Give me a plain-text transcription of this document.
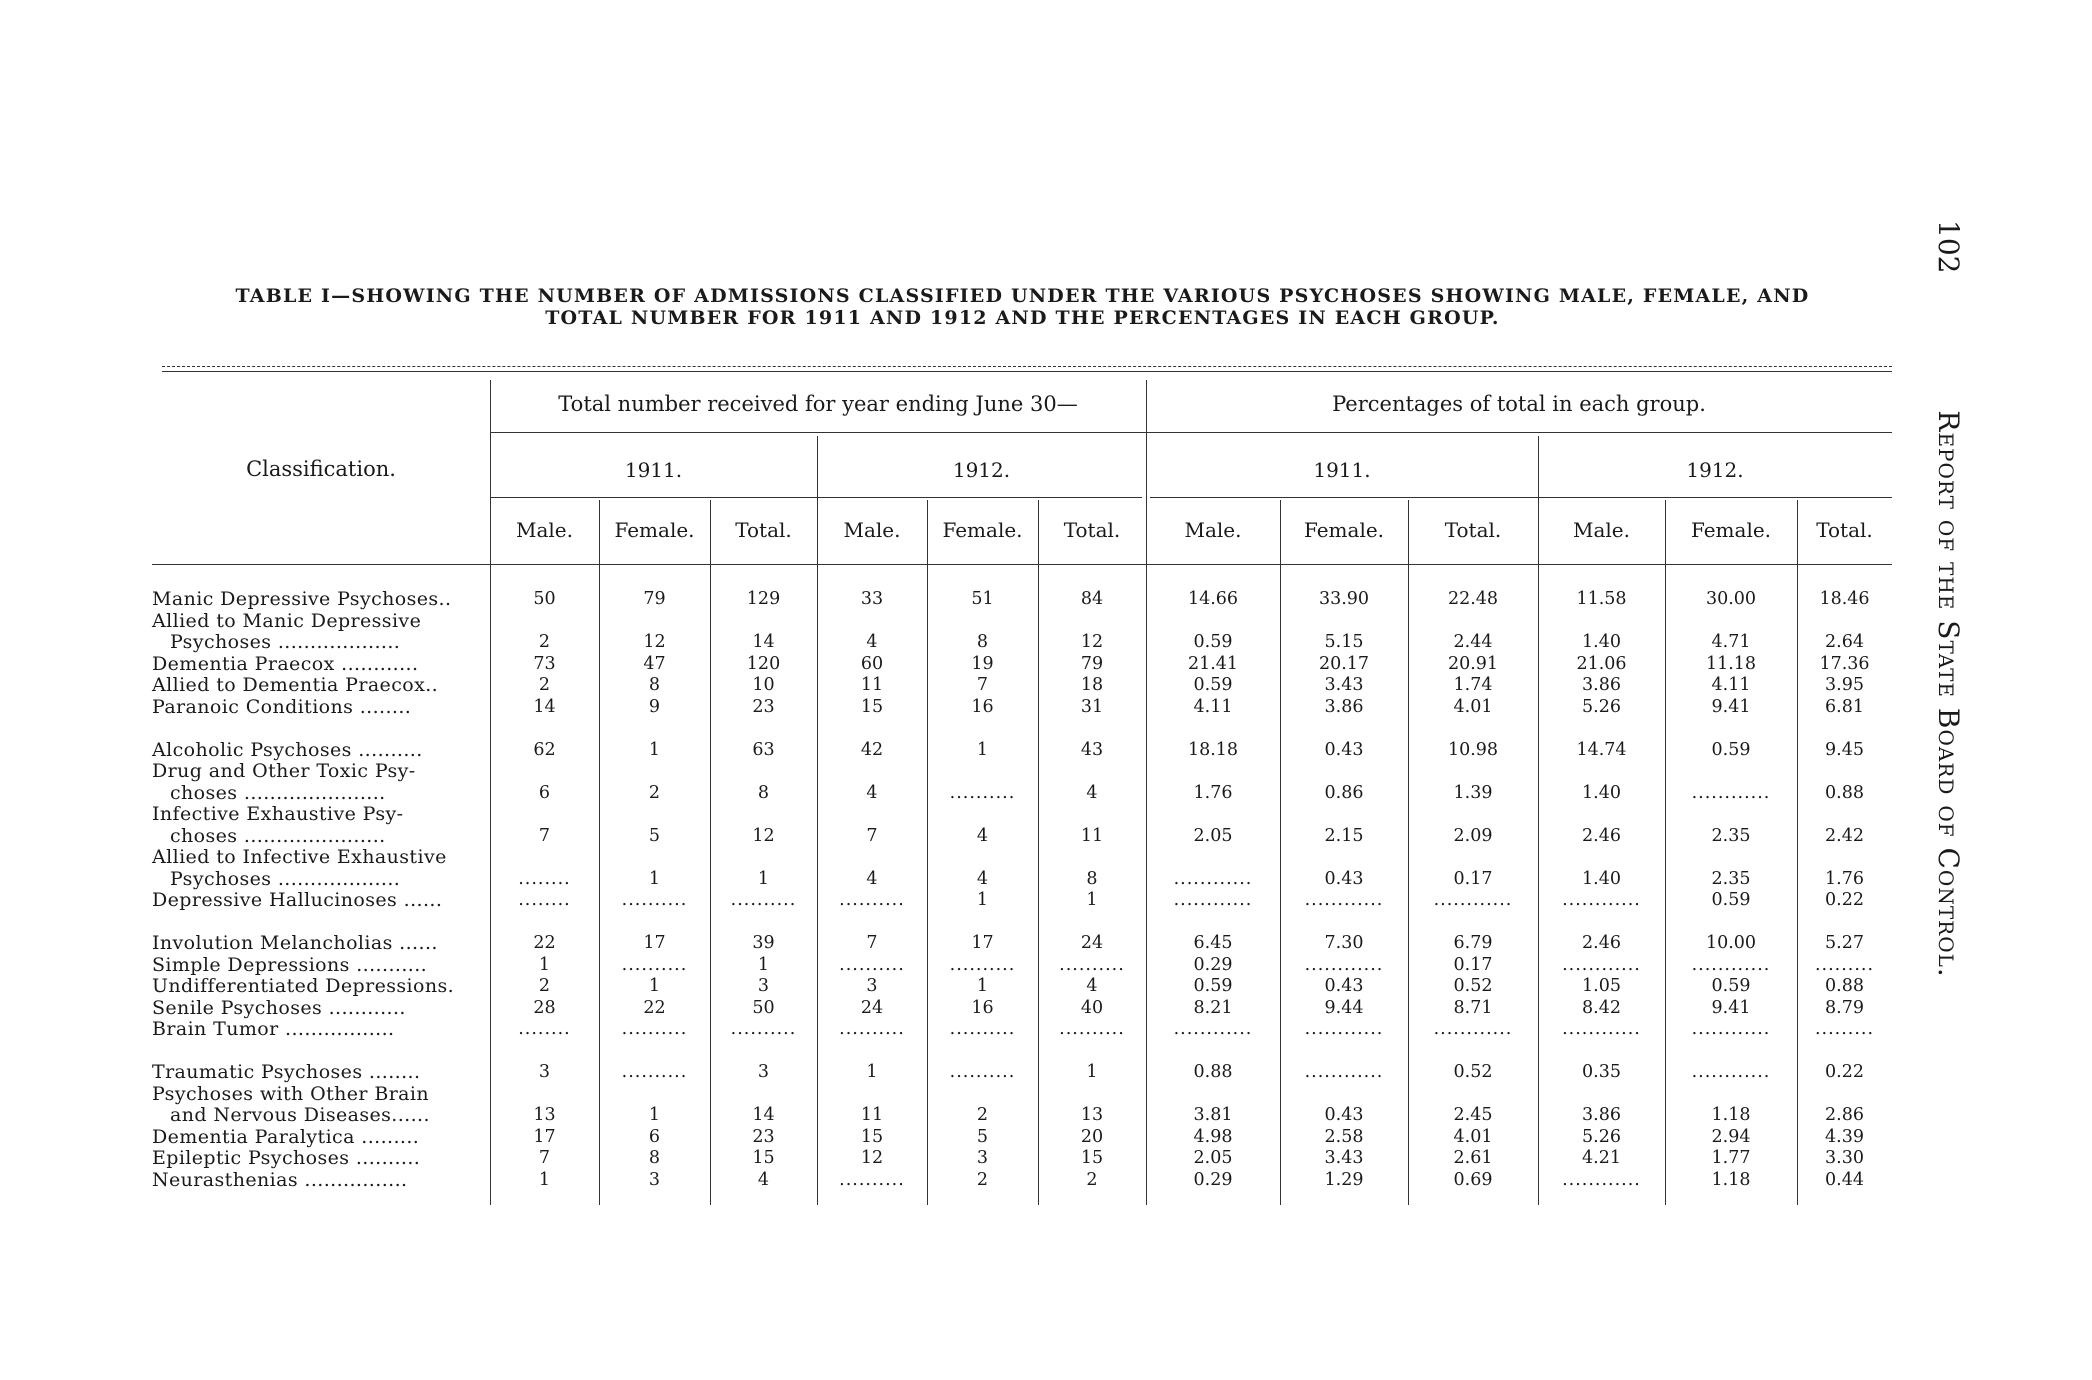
TABLE I—SHOWING THE NUMBER OF ADMISSIONS CLASSIFIED UNDER THE VARIOUS PSYCHOSES SHOWING MALE, FEMALE, AND
TOTAL NUMBER FOR 1911 AND 1912 AND THE PERCENTAGES IN EACH GROUP.
102 Report of the State Board of Control.
Classification.
Total number received for year ending June 30—	Percentages of total in each group.
1911.	1912.	1911.	1912.
Male.	Female.	Total.	Male.	Female.	Total.	Male.	Female.	Total.	Male.	Female.	Total.
Manic Depressive Psychoses..	50	79	129	33	51	84	14.66	33.90	22.48	11.58	30.00	18.46
Allied to Manic Depressive
Psychoses ...................	2	12	14	4	8	12	0.59	5.15	2.44	1.40	4.71	2.64
Dementia Praecox ............	73	47	120	60	19	79	21.41	20.17	20.91	21.06	11.18	17.36
Allied to Dementia Praecox..	2	8	10	11	7	18	0.59	3.43	1.74	3.86	4.11	3.95
Paranoic Conditions ........	14	9	23	15	16	31	4.11	3.86	4.01	5.26	9.41	6.81
Alcoholic Psychoses ..........	62	1	63	42	1	43	18.18	0.43	10.98	14.74	0.59	9.45
Drug and Other Toxic Psy-
choses ......................	6	2	8	4	..........	4	1.76	0.86	1.39	1.40	............	0.88
Infective Exhaustive Psy-
choses ......................	7	5	12	7	4	11	2.05	2.15	2.09	2.46	2.35	2.42
Allied to Infective Exhaustive
Psychoses ...................	........	1	1	4	4	8	............	0.43	0.17	1.40	2.35	1.76
Depressive Hallucinoses ......	........	..........	..........	..........	1	1	............	............	............	............	0.59	0.22
Involution Melancholias ......	22	17	39	7	17	24	6.45	7.30	6.79	2.46	10.00	5.27
Simple Depressions ...........	1	..........	1	..........	..........	..........	0.29	............	0.17	............	............	.........
Undifferentiated Depressions.	2	1	3	3	1	4	0.59	0.43	0.52	1.05	0.59	0.88
Senile Psychoses ............	28	22	50	24	16	40	8.21	9.44	8.71	8.42	9.41	8.79
Brain Tumor .................	........	..........	..........	..........	..........	..........	............	............	............	............	............	.........
Traumatic Psychoses ........	3	..........	3	1	..........	1	0.88	............	0.52	0.35	............	0.22
Psychoses with Other Brain
and Nervous Diseases......	13	1	14	11	2	13	3.81	0.43	2.45	3.86	1.18	2.86
Dementia Paralytica .........	17	6	23	15	5	20	4.98	2.58	4.01	5.26	2.94	4.39
Epileptic Psychoses ..........	7	8	15	12	3	15	2.05	3.43	2.61	4.21	1.77	3.30
Neurasthenias ................	1	3	4	..........	2	2	0.29	1.29	0.69	............	1.18	0.44
